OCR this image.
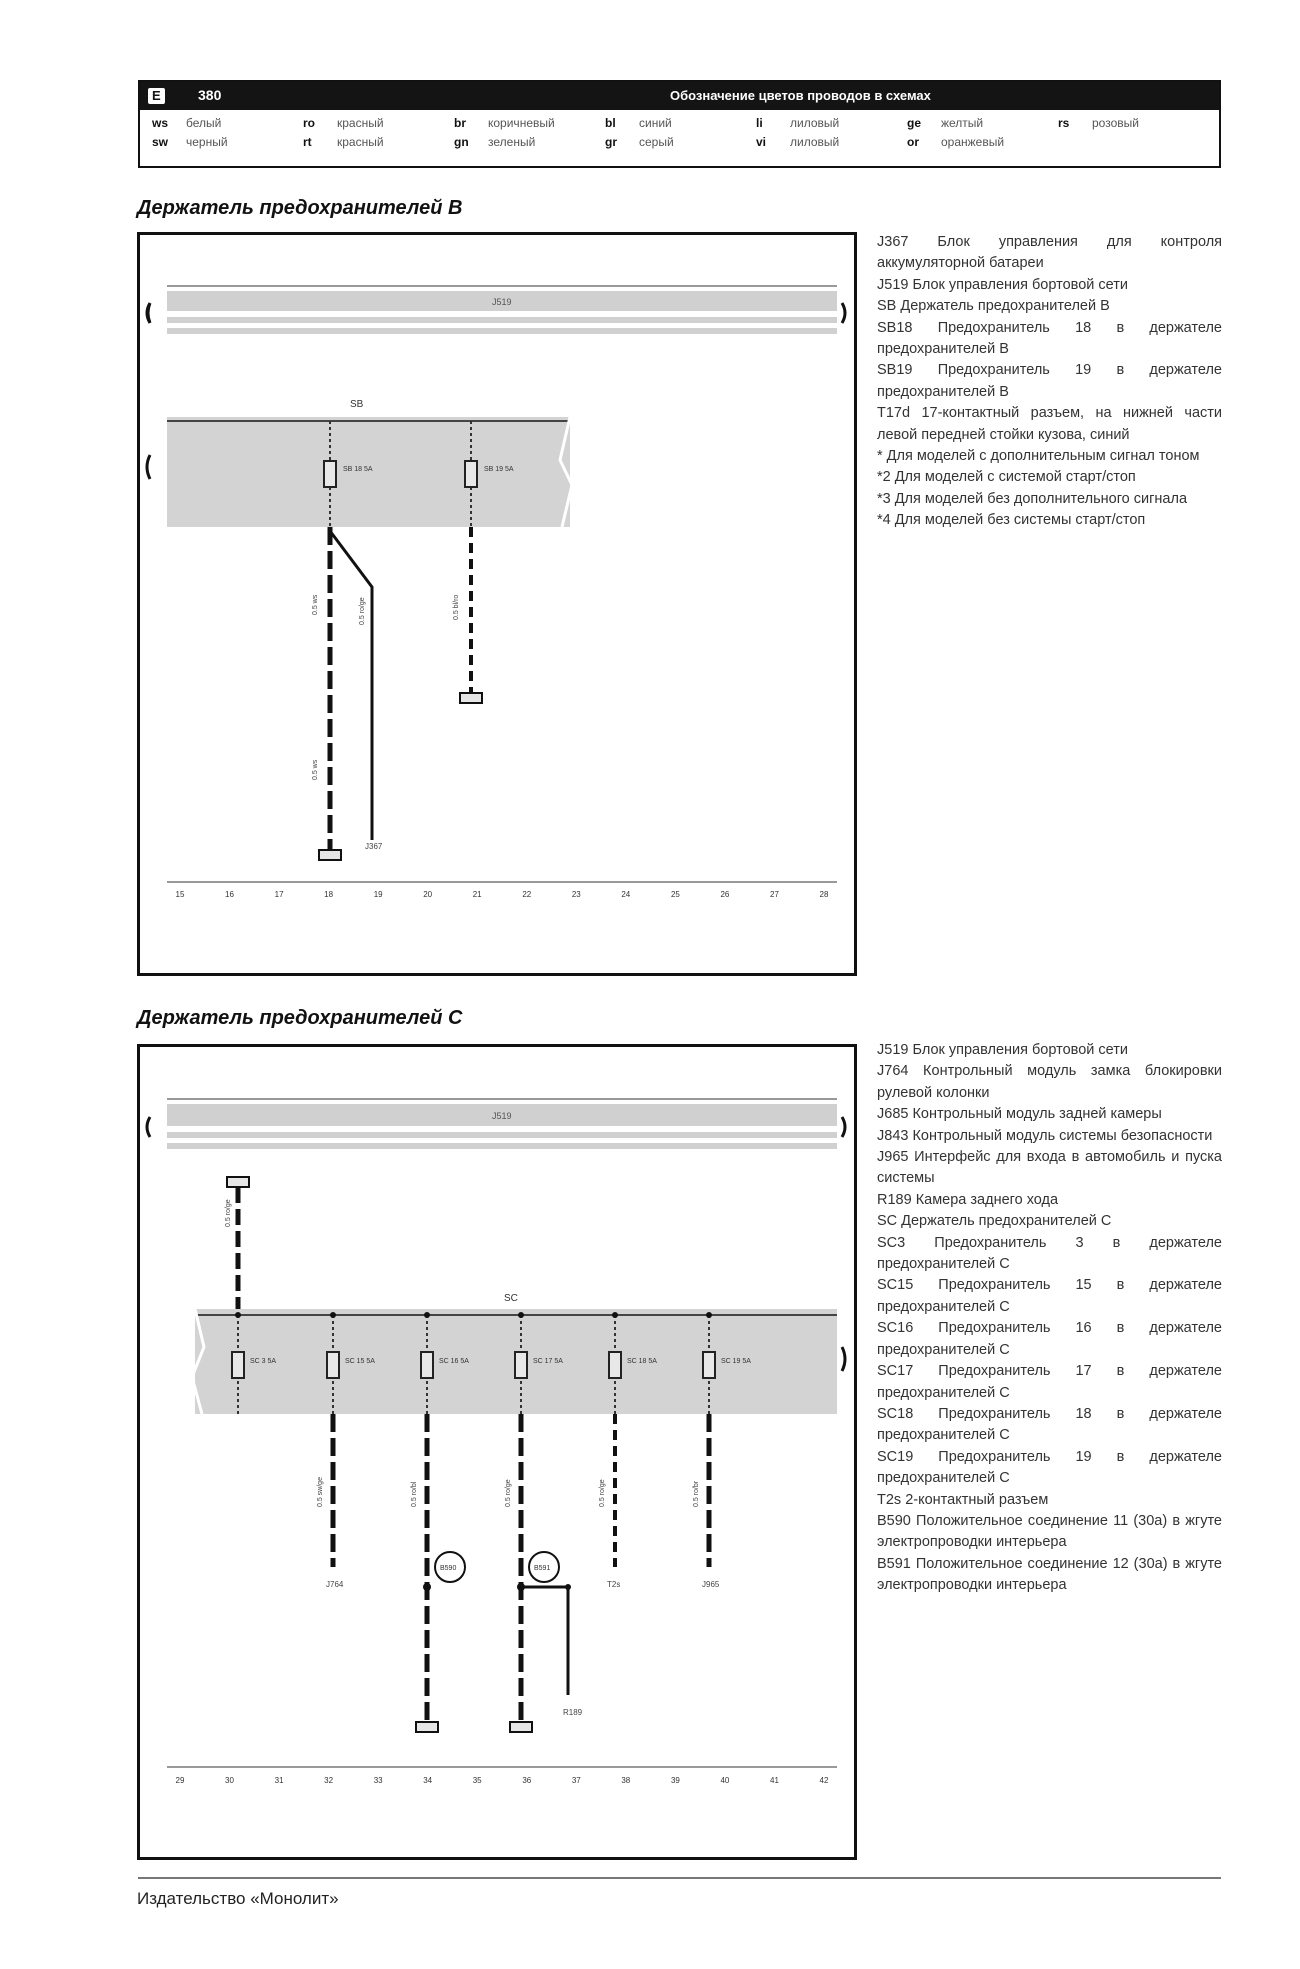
E	380	Обозначение цветов проводов в схемах
ws белый	ro красный	br коричневый	bl синий	li лиловый	ge желтый	rs розовый
sw черный	rt красный	gn зеленый	gr серый	vi лиловый	or оранжевый
Держатель предохранителей B
J519
SB
SB 18 5A	SB 19 5A
0.5 ws
0.5 ws
0.5 ro/ge	0.5 bl/ro
J367
15	16	17	18	19	20	21	22	23	24	25	26	27	28

J367 Блок управления для контроля аккумуляторной батареи

J519 Блок управления бортовой сети

SB Держатель предохранителей B

SB18 Предохранитель 18 в держателе предохранителей B

SB19 Предохранитель 19 в держателе предохранителей B

T17d 17-контактный разъем, на нижней части левой передней стойки кузова, синий

* Для моделей с дополнительным сигнал тоном

*2 Для моделей с системой старт/стоп

*3 Для моделей без дополнительного сигнала

*4 Для моделей без системы старт/стоп

Держатель предохранителей C
J519
0.5 ro/ge
SC
SC 3 5A	SC 15 5A	SC 16 5A	SC 17 5A	SC 18 5A	SC 19 5A
0.5 sw/ge
J764
0.5 ro/bl
B590
0.5 ro/ge
B591
R189
0.5 ro/ge
T2s
0.5 ro/br
J965
29	30	31	32	33	34	35	36	37	38	39	40	41	42

J519 Блок управления бортовой сети

J764 Контрольный модуль замка блокировки рулевой колонки

J685 Контрольный модуль задней камеры

J843 Контрольный модуль системы безопасности

J965 Интерфейс для входа в автомобиль и пуска системы

R189 Камера заднего хода

SC Держатель предохранителей C

SC3 Предохранитель 3 в держателе предохранителей C

SC15 Предохранитель 15 в держателе предохранителей C

SC16 Предохранитель 16 в держателе предохранителей C

SC17 Предохранитель 17 в держателе предохранителей C

SC18 Предохранитель 18 в держателе предохранителей C

SC19 Предохранитель 19 в держателе предохранителей C

T2s 2-контактный разъем

B590 Положительное соединение 11 (30а) в жгуте электропроводки интерьера

B591 Положительное соединение 12 (30а) в жгуте электропроводки интерьера

Издательство «Монолит»
